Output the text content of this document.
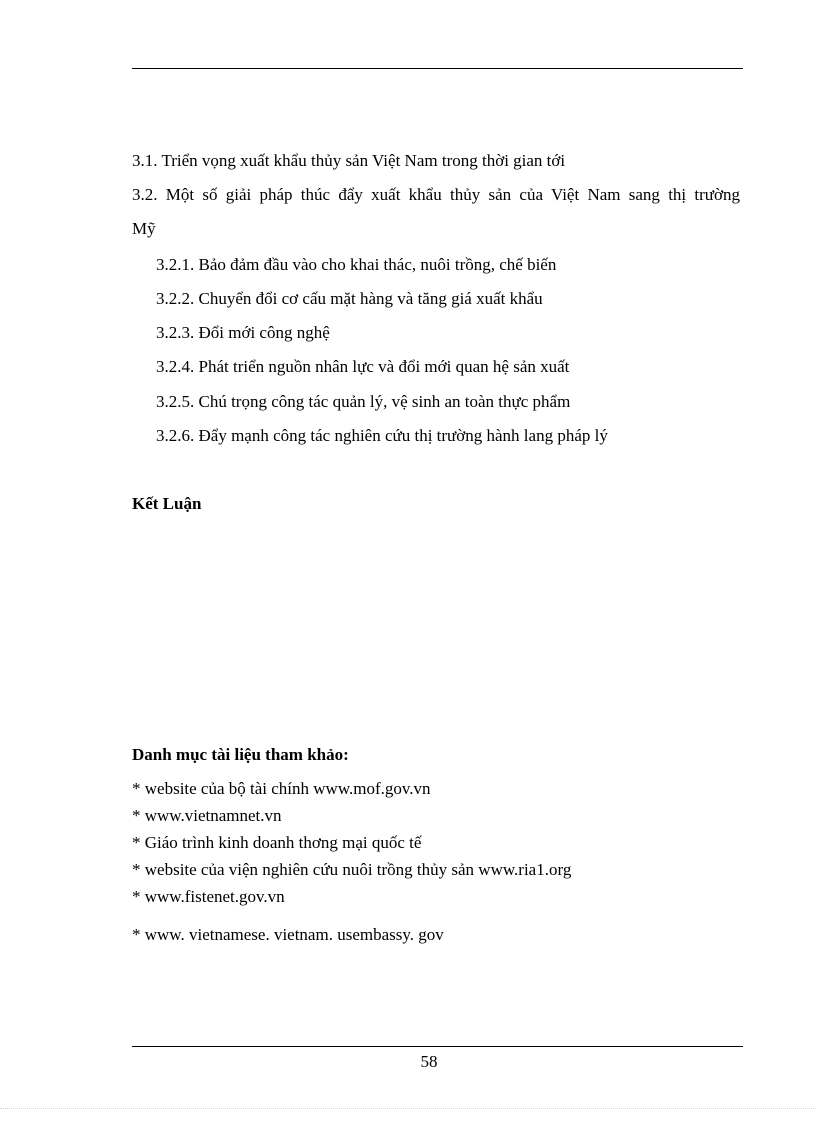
3.1. Triển vọng xuất khẩu thủy sản Việt Nam trong thời gian tới
3.2. Một số giải pháp thúc đẩy xuất khẩu thủy sản của Việt Nam sang thị trường
Mỹ
3.2.1. Bảo đảm đầu vào cho khai thác, nuôi trồng, chế biến
3.2.2. Chuyển đổi cơ cấu mặt hàng và tăng giá xuất khẩu
3.2.3. Đổi mới công nghệ
3.2.4. Phát triển nguồn nhân lực và đổi mới quan hệ sản xuất
3.2.5. Chú trọng công tác quản lý, vệ sinh an toàn thực phẩm
3.2.6. Đẩy mạnh công tác nghiên cứu thị trường hành lang pháp lý
Kết Luận
Danh mục tài liệu tham khảo:
* website của bộ tài chính www.mof.gov.vn
* www.vietnamnet.vn
* Giáo trình kinh doanh thơng mại quốc tế
* website của viện nghiên cứu nuôi trồng thủy sản www.ria1.org
* www.fistenet.gov.vn
* www. vietnamese. vietnam. usembassy. gov
58
